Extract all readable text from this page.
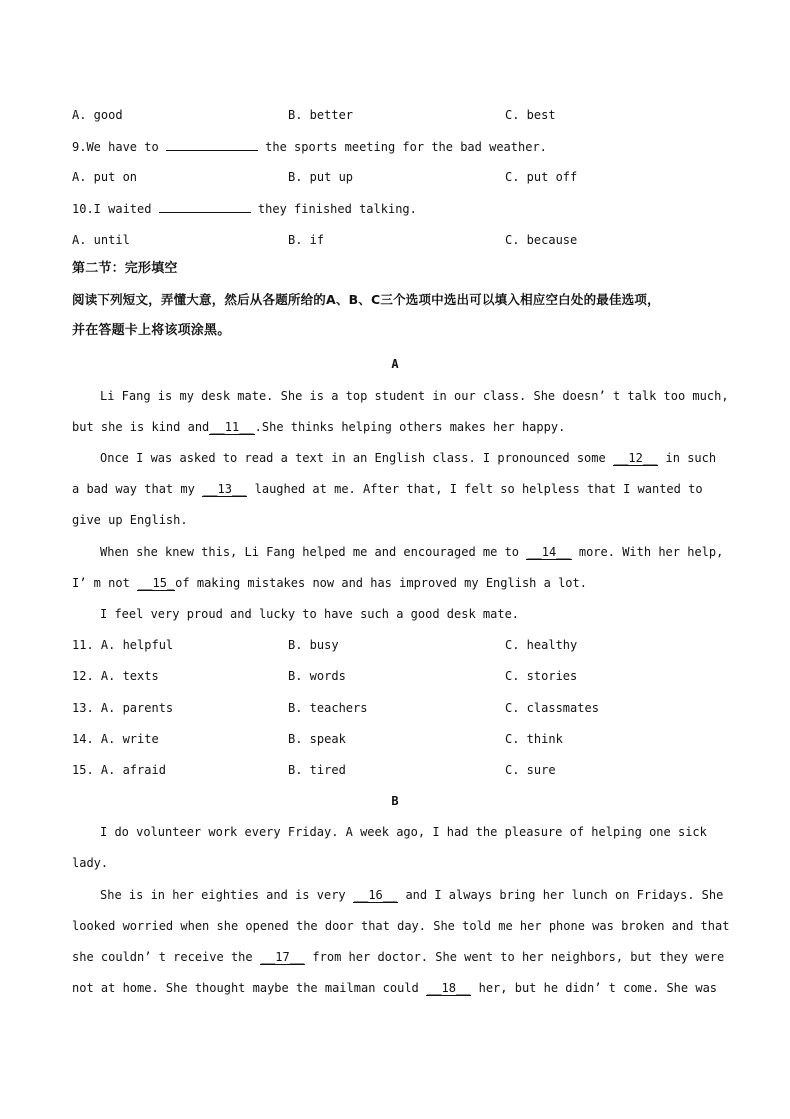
A. good	B. better	C. best
9.We have to	the sports meeting for the bad weather.
A. put on	B. put up	C. put off
10.I waited	they finished talking.
A. until	B. if	C. because
第二节：完形填空
阅读下列短文，弄懂大意，然后从各题所给的A、B、C三个选项中选出可以填入相应空白处的最佳选项，
并在答题卡上将该项涂黑。
A
Li Fang is my desk mate. She is a top student in our class. She doesn’ t talk too much,
but she is kind and__11__.She thinks helping others makes her happy.
Once I was asked to read a text in an English class. I pronounced some __12__ in such
a bad way that my __13__ laughed at me. After that, I felt so helpless that I wanted to
give up English.
When she knew this, Li Fang helped me and encouraged me to __14__ more. With her help,
I’ m not __15_of making mistakes now and has improved my English a lot.
I feel very proud and lucky to have such a good desk mate.
11. A. helpful	B. busy	C. healthy
12. A. texts	B. words	C. stories
13. A. parents	B. teachers	C. classmates
14. A. write	B. speak	C. think
15. A. afraid	B. tired	C. sure
B
I do volunteer work every Friday. A week ago, I had the pleasure of helping one sick
lady.
She is in her eighties and is very __16__ and I always bring her lunch on Fridays. She
looked worried when she opened the door that day. She told me her phone was broken and that
she couldn’ t receive the __17__ from her doctor. She went to her neighbors, but they were
not at home. She thought maybe the mailman could __18__ her, but he didn’ t come. She was
